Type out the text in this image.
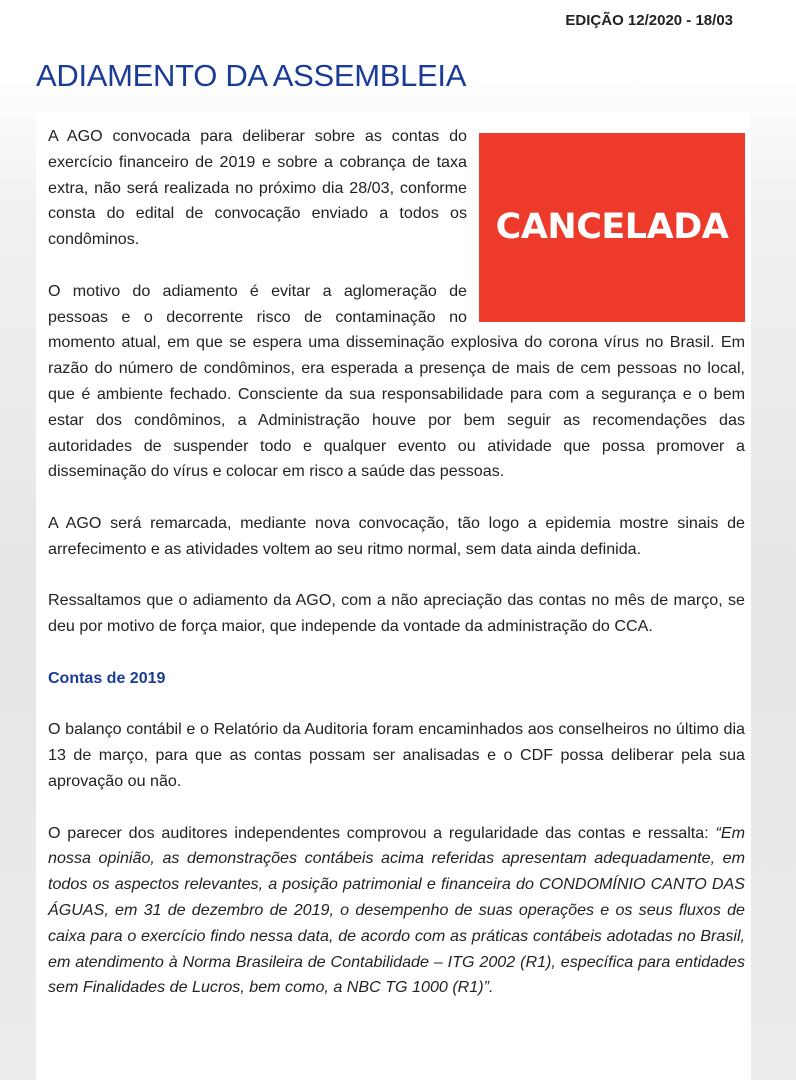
EDIÇÃO 12/2020 - 18/03
ADIAMENTO DA ASSEMBLEIA
CANCELADA

A AGO convocada para deliberar sobre as contas do exercício financeiro de 2019 e sobre a cobrança de taxa extra, não será realizada no próximo dia 28/03, conforme consta do edital de convocação enviado a todos os condôminos.

O motivo do adiamento é evitar a aglomeração de pessoas e o decorrente risco de contaminação no momento atual, em que se espera uma disseminação explosiva do corona vírus no Brasil. Em razão do número de condôminos, era esperada a presença de mais de cem pessoas no local, que é ambiente fechado. Consciente da sua responsabilidade para com a segurança e o bem estar dos condôminos, a Administração houve por bem seguir as recomendações das autoridades de suspender todo e qualquer evento ou atividade que possa promover a disseminação do vírus e colocar em risco a saúde das pessoas.

A AGO será remarcada, mediante nova convocação, tão logo a epidemia mostre sinais de arrefecimento e as atividades voltem ao seu ritmo normal, sem data ainda definida.

Ressaltamos que o adiamento da AGO, com a não apreciação das contas no mês de março, se deu por motivo de força maior, que independe da vontade da administração do CCA.

Contas de 2019

O balanço contábil e o Relatório da Auditoria foram encaminhados aos conselheiros no último dia 13 de março, para que as contas possam ser analisadas e o CDF possa deliberar pela sua aprovação ou não.

O parecer dos auditores independentes comprovou a regularidade das contas e ressalta: “Em nossa opinião, as demonstrações contábeis acima referidas apresentam adequadamente, em todos os aspectos relevantes, a posição patrimonial e financeira do CONDOMÍNIO CANTO DAS ÁGUAS, em 31 de dezembro de 2019, o desempenho de suas operações e os seus fluxos de caixa para o exercício findo nessa data, de acordo com as práticas contábeis adotadas no Brasil, em atendimento à Norma Brasileira de Contabilidade – ITG 2002 (R1), específica para entidades sem Finalidades de Lucros, bem como, a NBC TG 1000 (R1)”.
